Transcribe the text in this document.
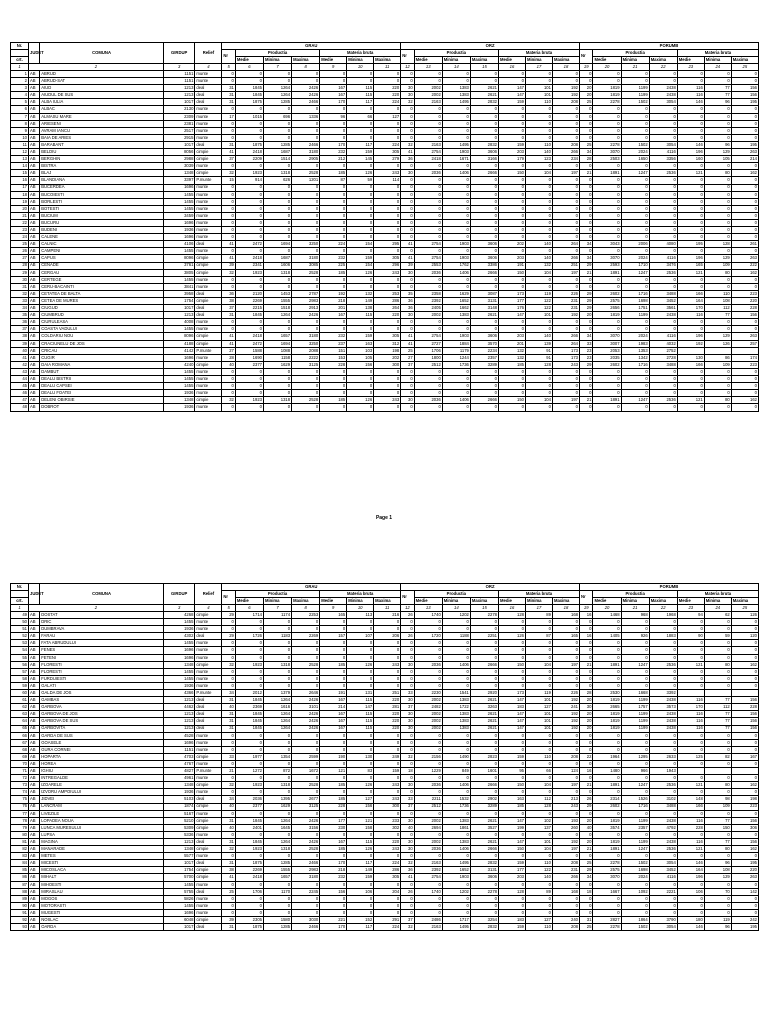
Nr.	JUDET	COMUNA	GIRDUP	Relief	GRAU							ORZ							PORUMB						
					Nr	Productia			Materia bruta			Nr	Productia			Materia bruta			Nr	Productia			Materia bruta		
crt.						Medie	Minima	Maxima	Medie	Minima	Maxima		Medie	Minima	Maxima	Medie	Minima	Maxima		Medie	Minima	Maxima	Medie	Minima	Maxima
1	2		3	4	5	6	7	8	9	10	11	12	13	14	15	16	17	18	19	20	21	22	23	24	25
1	AB	ABRUD	1151	munte	0	0	0	0	0	0	0	0	0	0	0	0	0	0	0	0	0	0	0	0	0
2	AB	ABRUD-SAT	1151	munte	0	0	0	0	0	0	0	0	0	0	0	0	0	0	0	0	0	0	0	0	0
3	AB	AIUD	1213	deal	31	1845	1264	2426	167	115	220	30	2002	1383	2621	147	101	192	20	1819	1199	2438	116	77	156
4	AB	AIUDUL DE SUS	1213	deal	31	1845	1264	2426	167	115	220	30	2002	1383	2621	147	101	192	20	1819	1199	2438	116	77	156
5	AB	ALBA IULIA	1017	deal	31	1875	1285	2466	170	117	224	32	2163	1495	2832	159	110	208	25	2278	1502	3054	146	96	195
6	AB	ALBAC	2130	munte	0	0	0	0	0	0	0	0	0	0	0	0	0	0	0	0	0	0	0	0	0
7	AB	ALMASU MARE	2309	munte	17	1015	696	1336	96	66	127	0	0	0	0	0	0	0	0	0	0	0	0	0	0
8	AB	ARIESENI	2381	munte	0	0	0	0	0	0	0	0	0	0	0	0	0	0	0	0	0	0	0	0	0
9	AB	AVRAM IANCU	2517	munte	0	0	0	0	0	0	0	0	0	0	0	0	0	0	0	0	0	0	0	0	0
10	AB	BAIA DE ARIES	2915	munte	0	0	0	0	0	0	0	0	0	0	0	0	0	0	0	0	0	0	0	0	0
11	AB	BARABANT	1017	deal	31	1875	1285	2466	170	117	224	32	2163	1495	2832	159	110	208	25	2278	1502	3054	146	96	195
12	AB	BELDIU	8056	cimpie	41	2418	1687	3180	232	159	305	41	2754	1903	3606	203	140	266	34	3070	2024	4116	196	129	263
13	AB	BERGHIN	2988	cimpie	37	2209	1514	2905	212	145	279	36	2418	1671	3166	179	123	234	28	2503	1650	3356	160	105	214
14	AB	BISTRA	3039	munte	0	0	0	0	0	0	0	0	0	0	0	0	0	0	0	0	0	0	0	0	0
15	AB	BLAJ	1348	cimpie	32	1923	1318	2528	185	126	243	30	2036	1406	2666	150	104	197	21	1891	1247	2536	121	80	162
16	AB	BLANDIANA	3397	P.munte	15	914	626	1201	87	59	114	0	0	0	0	0	0	0	0	0	0	0	0	0	0
17	AB	BUCERDEA	1696	munte	0	0	0	0	0	0	0	0	0	0	0	0	0	0	0	0	0	0	0	0	0
18	AB	BUCOIESTI	1455	munte	0	0	0	0	0	0	0	0	0	0	0	0	0	0	0	0	0	0	0	0	0
19	AB	BORLESTI	1455	munte	0	0	0	0	0	0	0	0	0	0	0	0	0	0	0	0	0	0	0	0	0
20	AB	BOTESTI	1455	munte	0	0	0	0	0	0	0	0	0	0	0	0	0	0	0	0	0	0	0	0	0
21	AB	BUCIUM	3459	munte	0	0	0	0	0	0	0	0	0	0	0	0	0	0	0	0	0	0	0	0	0
22	AB	BUCURU	1696	munte	0	0	0	0	0	0	0	0	0	0	0	0	0	0	0	0	0	0	0	0	0
23	AB	BUDENI	1936	munte	0	0	0	0	0	0	0	0	0	0	0	0	0	0	0	0	0	0	0	0	0
24	AB	CALENE	1696	munte	0	0	0	0	0	0	0	0	0	0	0	0	0	0	0	0	0	0	0	0	0
25	AB	CALNIC	4106	deal	41	2472	1694	3250	224	154	295	41	2754	1903	3606	202	140	264	34	3043	2006	4080	195	128	261
26	AB	CAMPENI	1455	munte	0	0	0	0	0	0	0	0	0	0	0	0	0	0	0	0	0	0	0	0	0
27	AB	CAPUS	8096	cimpie	41	2418	1687	3180	232	159	305	41	2754	1903	3606	203	140	266	34	3070	2024	4116	196	129	263
28	AB	CENADE	3761	cimpie	39	2341	1606	3085	225	154	296	39	2553	1762	3386	191	132	251	29	2593	1710	3476	165	109	222
29	AB	CERGAU	3805	cimpie	32	1923	1318	2528	185	126	243	30	2036	1406	2666	150	104	197	21	1891	1247	2536	121	80	162
30	AB	CERTEGE	1455	munte	0	0	0	0	0	0	0	0	0	0	0	0	0	0	0	0	0	0	0	0	0
31	AB	CERU-BACAINTI	3841	munte	0	0	0	0	0	0	0	0	0	0	0	0	0	0	0	0	0	0	0	0	0
32	AB	CETATEA DE BALTA	3958	deal	36	2120	1453	2787	192	132	253	35	2358	1629	3087	173	119	226	29	2602	1716	3488	166	110	223
33	AB	CETEA DE MURES	1754	cimpie	38	2269	1555	2983	218	149	286	36	2392	1652	3131	177	122	231	29	2575	1698	3452	164	108	220
34	AB	CIUGUD	1017	deal	37	2215	1518	2913	201	138	264	36	2405	1662	3148	176	122	231	29	2656	1751	3561	170	112	228
35	AB	CIUMBRUD	1213	deal	31	1845	1264	2426	167	115	220	30	2002	1383	2621	147	101	192	20	1819	1199	2438	116	77	156
36	AB	CIURULEASA	4008	munte	0	0	0	0	0	0	0	0	0	0	0	0	0	0	0	0	0	0	0	0	0
37	AB	COASTA VADULUI	1455	munte	0	0	0	0	0	0	0	0	0	0	0	0	0	0	0	0	0	0	0	0	0
38	AB	COLDARIU NOU	8096	cimpie	41	2418	1657	3180	232	159	305	41	2754	1903	3606	203	140	266	34	3070	2024	4116	196	129	263
39	AB	CRACIUNELU DE JOS	4188	cimpie	41	2472	1694	3250	237	163	312	41	2727	1884	3570	201	139	264	33	3007	1983	4032	192	126	257
40	AB	CRICAU	4142	P.munte	27	1588	1088	2088	151	103	198	25	1706	1179	2234	132	91	173	23	2053	1353	2752			
41	AB	CUGIR	1696	munte	28	1690	1158	2222	153	105	202	27	1800	1244	2357	132	91	173	23	2035	1342	2728	130	86	174
42	AB	DAIA ROMANA	4240	cimpie	40	2377	1629	3125	228	156	300	37	2512	1736	3289	185	128	243	29	2602	1716	3488	166	109	223
43	AB	DAMBUT	1455	munte	0	0	0	0	0	0	0	0	0	0	0	0	0	0	0	0	0	0	0	0	0
44	AB	DEALU BISTRII	1455	munte	0	0	0	0	0	0	0	0	0	0	0	0	0	0	0	0	0	0	0	0	0
45	AB	DEALU CAPSEI	1455	munte	0	0	0	0	0	0	0	0	0	0	0	0	0	0	0	0	0	0	0	0	0
46	AB	DEALU FOATEI	1936	munte	0	0	0	0	0	0	0	0	0	0	0	0	0	0	0	0	0	0	0	0	0
47	AB	DELENI OBIRSIE	1348	cimpie	32	1923	1318	2528	185	126	243	30	2036	1406	2666	150	104	197	21	1891	1247	2536	121	80	162
48	AB	DOBROT	1936	munte	0	0	0	0	0	0	0	0	0	0	0	0	0	0	0	0	0	0	0	0	0
Page 1
49	AB	DOSTAT	4268	cimpie	29	1714	1174	2253	165	113	216	26	1740	1202	2278	128	89	168	16	1468	968	1968	94	62	126
Nr.	JUDET	COMUNA	GIRDUP	Relief	GRAU							ORZ							PORUMB						
					Nr	Productia			Materia bruta			Nr	Productia			Materia bruta			Nr	Productia			Materia bruta		
crt.						Medie	Minima	Maxima	Medie	Minima	Maxima		Medie	Minima	Maxima	Medie	Minima	Maxima		Medie	Minima	Maxima	Medie	Minima	Maxima
1	2		3	4	5	6	7	8	9	10	11	12	13	14	15	16	17	18	19	20	21	22	23	24	25
50	AB	DRIC	1455	munte	0	0	0	0	0	0	0	0	0	0	0	0	0	0	0	0	0	0	0	0	0
51	AB	DUMBRAVA	1936	munte	0	0	0	0	0	0	0	0	0	0	0	0	0	0	0	0	0	0	0	0	0
52	AB	FARAU	4302	deal	29	1726	1183	2269	157	107	206	26	1720	1188	2251	126	87	165	16	1405	926	1883	90	59	120
53	AB	FATA ABRUDULUI	1455	munte	0	0	0	0	0	0	0	0	0	0	0	0	0	0	0	0	0	0	0	0	0
54	AB	FENES	1696	munte	0	0	0	0	0	0	0	0	0	0	0	0	0	0	0	0	0	0	0	0	0
55	AB	FETENI	1696	munte	0	0	0	0	0	0	0	0	0	0	0	0	0	0	0	0	0	0	0	0	0
56	AB	FLORESTI	1348	cimpie	32	1923	1318	2528	185	126	243	30	2036	1406	2666	150	104	197	21	1891	1247	2536	121	80	162
57	AB	FLORESTI	1455	munte	0	0	0	0	0	0	0	0	0	0	0	0	0	0	0	0	0	0	0	0	0
58	AB	FURDUIESTI	1455	munte	0	0	0	0	0	0	0	0	0	0	0	0	0	0	0	0	0	0	0	0	0
59	AB	GALATI	1936	munte	0	0	0	0	0	0	0	0	0	0	0	0	0	0	0	0	0	0	0	0	0
60	AB	GALDA DE JOS	4366	P.munte	34	2012	1379	2646	191	131	251	33	2230	1541	2920	173	119	226	28	2530	1668	3392			
61	AB	GAMBAS	1213	deal	31	1845	1264	2426	167	115	220	30	2002	1383	2621	147	101	192	20	1819	1199	2438	116	77	156
62	AB	GARBOVA	4462	deal	40	2369	1616	3101	214	147	281	37	2482	1722	3263	183	127	241	30	2665	1757	3573	170	112	228
63	AB	GARBOVA DE JOS	1213	deal	31	1845	1264	2426	167	115	220	30	2002	1383	2621	147	101	192	20	1819	1199	2438	116	77	156
64	AB	GARBOVA DE SUS	1213	deal	31	1845	1264	2426	167	115	220	30	2002	1383	2621	147	101	192	20	1819	1199	2438	116	77	156
65	AB	GARBOVITA	1213	deal	31	1845	1264	2426	167	115	220	30	2002	1383	2621	147	101	192	20	1819	1199	2438	116	77	156
66	AB	GARDA DE SUS	4528	munte	0	0	0	0	0	0	0	0	0	0	0	0	0	0	0	0	0	0	0	0	0
67	AB	GOASELE	1696	munte	0	0	0	0	0	0	0	0	0	0	0	0	0	0	0	0	0	0	0	0	0
68	AB	GURA CORNEI	1151	munte	0	0	0	0	0	0	0	0	0	0	0	0	0	0	0	0	0	0	0	0	0
69	AB	HOPARTA	4703	cimpie	33	1977	1354	2599	190	130	249	32	2156	1490	2823	159	110	208	22	1964	1295	2633	125	82	167
70	AB	HOREA	4767	munte	0	0	0	0	0	0	0	0	0	0	0	0	0	0	0	0	0	0	0	0	0
71	AB	IGHIU	4827	P.munte	21	1272	872	1672	121	83	159	18	1229	849	1601	95	66	124	16	1480	966	1943			
72	AB	INTREGALDE	4961	munte	0	0	0	0	0	0	0	0	0	0	0	0	0	0	0	0	0	0	0	0	0
73	AB	IZOARELE	1348	cimpie	32	1923	1318	2528	185	126	243	30	2036	1406	2666	150	104	197	21	1891	1247	2536	121	80	162
74	AB	IZVORU AMPOIULUI	1936	munte	0	0	0	0	0	0	0	0	0	0	0	0	0	0	0	0	0	0	0	0	0
75	AB	JIDVEI	5103	deal	34	2036	1395	2677	185	127	243	33	2211	1532	2902	163	112	213	26	2314	1526	3102	148	98	198
76	AB	LANCRAM	1874	cimpie	40	2377	1629	3125	228	156	300	37	2512	1736	3289	185	128	243	29	2602	1716	3488	166	109	223
77	AB	LIVEZILE	5167	munte	0	0	0	0	0	0	0	0	0	0	0	0	0	0	0	0	0	0	0	0	0
78	AB	LOPADEA NOUA	5210	cimpie	31	1845	1264	2426	177	121	233	30	2002	1383	2621	147	102	193	20	1819	1199	2438	116	77	156
79	AB	LUNCA MURESULUI	5309	cimpie	40	2401	1645	3156	230	158	302	40	2694	1861	3527	199	137	260	40	3574	2357	4792	228	150	306
80	AB	LUPSA	5336	munte	0	0	0	0	0	0	0	0	0	0	0	0	0	0	0	0	0	0	0	0	0
81	AB	MAGINA	1213	deal	31	1845	1264	2426	167	115	220	30	2002	1383	2621	147	101	192	20	1819	1199	2438	116	77	156
82	AB	MANARADE	1348	cimpie	32	1923	1318	2528	185	126	243	30	2036	1406	2666	150	104	197	21	1891	1247	2536	121	80	162
83	AB	METES	5577	munte	0	0	0	0	0	0	0	0	0	0	0	0	0	0	0	0	0	0	0	0	0
84	AB	MICESTI	1017	deal	31	1875	1285	2466	170	117	224	32	2163	1495	2832	159	110	208	25	2278	1502	3054	146	96	195
85	AB	MICOSLACA	1754	cimpie	38	2269	1555	2983	218	149	286	36	2392	1652	3131	177	122	231	29	2575	1698	3452	164	108	220
86	AB	MIHALT	5700	cimpie	41	2418	1657	3180	232	159	305	41	2754	1903	3606	203	140	266	34	3070	2024	4116	196	129	263
87	AB	MIHOESTI	1455	munte	0	0	0	0	0	0	0	0	0	0	0	0	0	0	0	0	0	0	0	0	0
88	AB	MIRASLAU	5755	deal	25	1706	1170	2245	156	106	204	26	1740	1202	2278	128	89	168	18	1667	1092	2221	106	70	142
89	AB	MOGOS	5826	munte	0	0	0	0	0	0	0	0	0	0	0	0	0	0	0	0	0	0	0	0	0
90	AB	MOTORASTI	1455	munte	0	0	0	0	0	0	0	0	0	0	0	0	0	0	0	0	0	0	0	0	0
91	AB	MUGESTI	1696	munte	0	0	0	0	0	0	0	0	0	0	0	0	0	0	0	0	0	0	0	0	0
92	AB	NOSLAC	6048	cimpie	39	2305	1580	3030	221	152	291	37	2486	1717	3254	183	127	240	31	2827	1864	3790	180	119	242
93	AB	OARDA	1017	deal	31	1875	1285	2466	170	117	224	32	2163	1495	2832	159	110	208	25	2278	1502	3054	146	96	195
